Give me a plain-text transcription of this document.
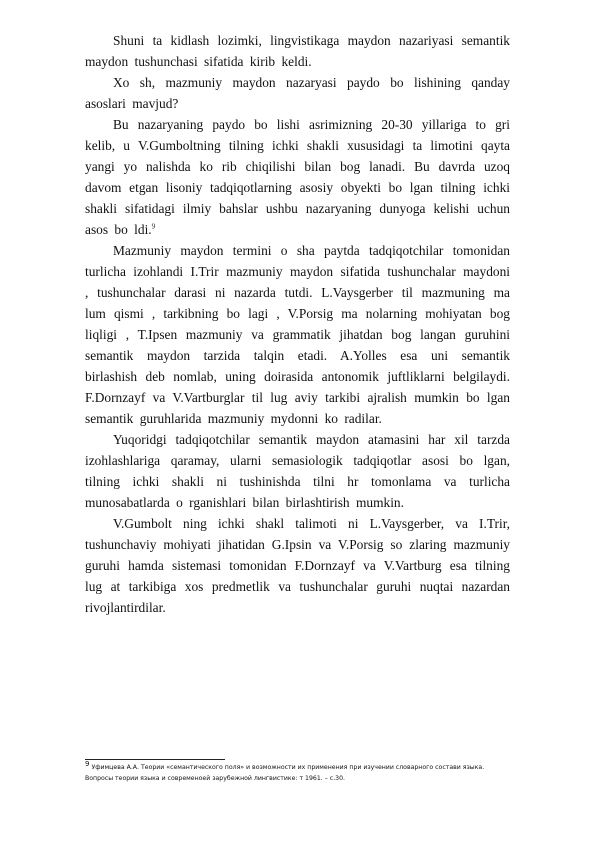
Shuni ta kidlash lozimki, lingvistikaga maydon nazariyasi semantik maydon tushunchasi sifatida kirib keldi.

Xo sh, mazmuniy maydon nazaryasi paydo bo lishining qanday asoslari mavjud?

Bu nazaryaning paydo bo lishi asrimizning 20-30 yillariga to gri kelib, u V.Gumboltning tilning ichki shakli xususidagi ta limotini qayta yangi yo nalishda ko rib chiqilishi bilan bog lanadi. Bu davrda uzoq davom etgan lisoniy tadqiqotlarning asosiy obyekti bo lgan tilning ichki shakli sifatidagi ilmiy bahslar ushbu nazaryaning dunyoga kelishi uchun asos bo ldi.$^9$

Mazmuniy maydon termini o sha paytda tadqiqotchilar tomonidan turlicha izohlandi I.Trir mazmuniy maydon sifatida tushunchalar maydoni , tushunchalar darasi ni nazarda tutdi. L.Vaysgerber til mazmuning ma lum qismi , tarkibning bo lagi , V.Porsig ma nolarning mohiyatan bog liqligi , T.Ipsen mazmuniy va grammatik jihatdan bog langan guruhini semantik maydon tarzida talqin etadi. A.Yolles esa uni semantik birlashish deb nomlab, uning doirasida antonomik juftliklarni belgilaydi. F.Dornzayf va V.Vartburglar til lug aviy tarkibi ajralish mumkin bo lgan semantik guruhlarida mazmuniy mydonni ko radilar.

Yuqoridgi tadqiqotchilar semantik maydon atamasini har xil tarzda izohlashlariga qaramay, ularni semasiologik tadqiqotlar asosi bo lgan, tilning ichki shakli ni tushinishda tilni hr tomonlama va turlicha munosabatlarda o rganishlari bilan birlashtirish mumkin.

V.Gumbolt ning ichki shakl talimoti ni L.Vaysgerber, va I.Trir, tushunchaviy mohiyati jihatidan G.Ipsin va V.Porsig so zlaring mazmuniy guruhi hamda sistemasi tomonidan F.Dornzayf va V.Vartburg esa tilning lug at tarkibiga xos predmetlik va tushunchalar guruhi nuqtai nazardan rivojlantirdilar.

$^9$ Уфимцева А.А. Теории «семантического поля» и возможности их применения при изучении словарного состави языка.

Вопросы теории языка и современоей зарубежной лингвистике: т 1961. – с.30.
